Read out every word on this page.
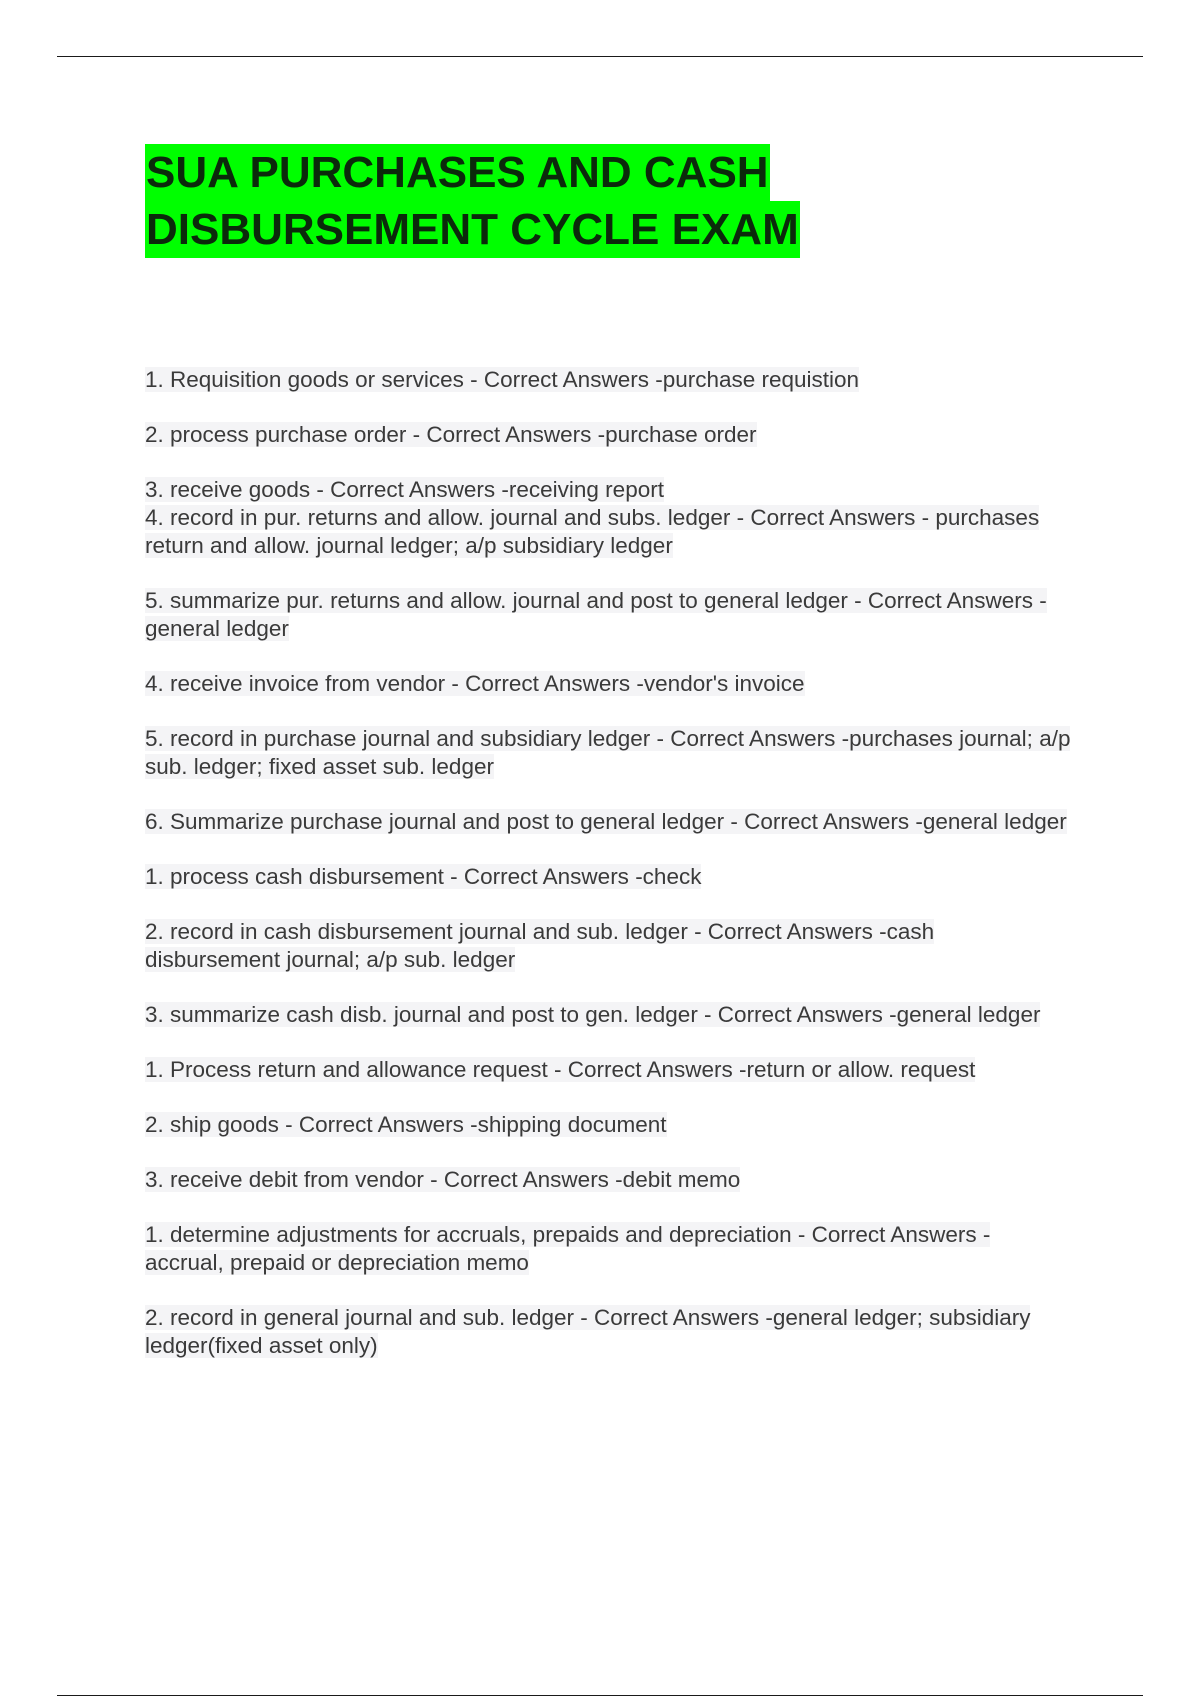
SUA PURCHASES AND CASH
DISBURSEMENT CYCLE EXAM

1. Requisition goods or services - Correct Answers -purchase requistion

2. process purchase order - Correct Answers -purchase order

3. receive goods - Correct Answers -receiving report

4. record in pur. returns and allow. journal and subs. ledger - Correct Answers - purchases return and allow. journal ledger; a/p subsidiary ledger

5. summarize pur. returns and allow. journal and post to general ledger - Correct Answers -general ledger

4. receive invoice from vendor - Correct Answers -vendor's invoice

5. record in purchase journal and subsidiary ledger - Correct Answers -purchases journal; a/p sub. ledger; fixed asset sub. ledger

6. Summarize purchase journal and post to general ledger - Correct Answers -general ledger

1. process cash disbursement - Correct Answers -check

2. record in cash disbursement journal and sub. ledger - Correct Answers -cash disbursement journal; a/p sub. ledger

3. summarize cash disb. journal and post to gen. ledger - Correct Answers -general ledger

1. Process return and allowance request - Correct Answers -return or allow. request

2. ship goods - Correct Answers -shipping document

3. receive debit from vendor - Correct Answers -debit memo

1. determine adjustments for accruals, prepaids and depreciation - Correct Answers - accrual, prepaid or depreciation memo

2. record in general journal and sub. ledger - Correct Answers -general ledger; subsidiary ledger(fixed asset only)
